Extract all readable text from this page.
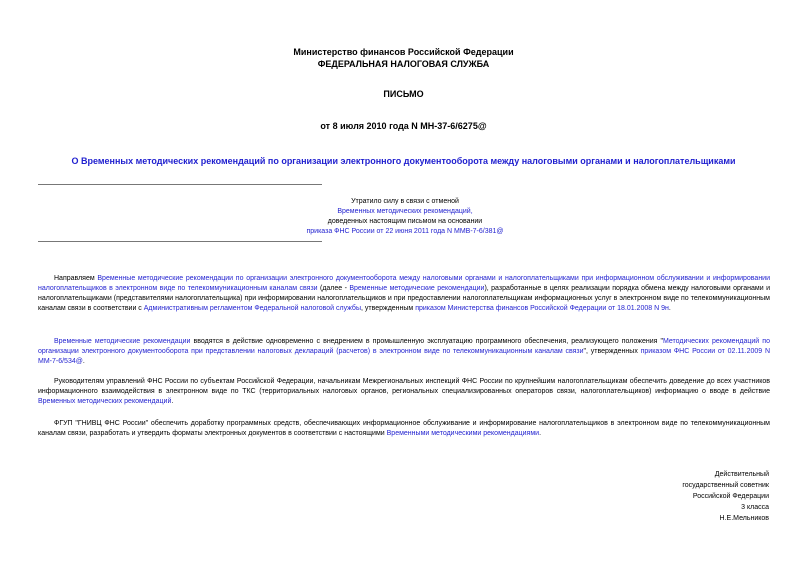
Министерство финансов Российской Федерации
ФЕДЕРАЛЬНАЯ НАЛОГОВАЯ СЛУЖБА
ПИСЬМО
от 8 июля 2010 года N МН-37-6/6275@
О Временных методических рекомендаций по организации электронного документооборота между налоговыми органами и налогоплательщиками
Утратило силу в связи с отменой
Временных методических рекомендаций,
доведенных настоящим письмом на основании
приказа ФНС России от 22 июня 2011 года N ММВ-7-6/381@
Направляем Временные методические рекомендации по организации электронного документооборота между налоговыми органами и налогоплательщиками при информационном обслуживании и информировании налогоплательщиков в электронном виде по телекоммуникационным каналам связи (далее - Временные методические рекомендации), разработанные в целях реализации порядка обмена между налоговыми органами и налогоплательщиками (представителями налогоплательщика) при информировании налогоплательщиков и при предоставлении налогоплательщикам информационных услуг в электронном виде по телекоммуникационным каналам связи в соответствии с Административным регламентом Федеральной налоговой службы, утвержденным приказом Министерства финансов Российской Федерации от 18.01.2008 N 9н.
Временные методические рекомендации вводятся в действие одновременно с внедрением в промышленную эксплуатацию программного обеспечения, реализующего положения "Методических рекомендаций по организации электронного документооборота при представлении налоговых деклараций (расчетов) в электронном виде по телекоммуникационным каналам связи", утвержденных приказом ФНС России от 02.11.2009 N ММ-7-6/534@.
Руководителям управлений ФНС России по субъектам Российской Федерации, начальникам Межрегиональных инспекций ФНС России по крупнейшим налогоплательщикам обеспечить доведение до всех участников информационного взаимодействия в электронном виде по ТКС (территориальных налоговых органов, региональных специализированных операторов связи, налогоплательщиков) информацию о вводе в действие Временных методических рекомендаций.
ФГУП "ГНИВЦ ФНС России" обеспечить доработку программных средств, обеспечивающих информационное обслуживание и информирование налогоплательщиков в электронном виде по телекоммуникационным каналам связи, разработать и утвердить форматы электронных документов в соответствии с настоящими Временными методическими рекомендациями.
Действительный
государственный советник
Российской Федерации
3 класса
Н.Е.Мельников
